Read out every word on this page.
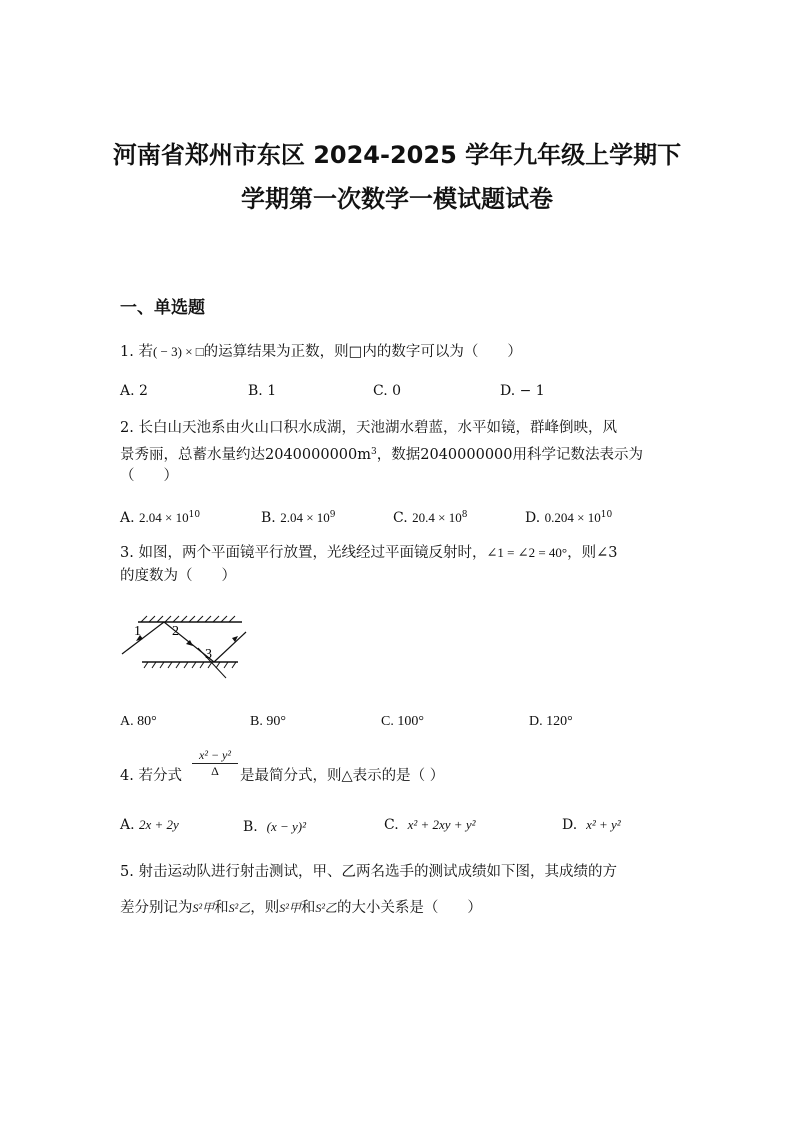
河南省郑州市东区 2024-2025 学年九年级上学期下
学期第一次数学一模试题试卷
一、单选题
1. 若( − 3) × □的运算结果为正数，则□内的数字可以为（　　）
A. 2	B. 1	C. 0	D. − 1
2. 长白山天池系由火山口积水成湖，天池湖水碧蓝，水平如镜，群峰倒映，风
景秀丽，总蓄水量约达$2040000000m^3$，数据2040000000用科学记数法表示为
（　　）
A. $2.04 \times 10^{10}$	B. $2.04 \times 10^9$	C. $20.4 \times 10^8$	D. $0.204 \times 10^{10}$
3. 如图，两个平面镜平行放置，光线经过平面镜反射时，∠1 = ∠2 = 40°，则∠3
的度数为（　　）
1 2
3
A. 80°	B. 90°	C. 100°	D. 120°
4. 若分式 $\frac{\text{x² − y²}}{\Delta}$ 是最简分式，则△表示的是（ ）
A. 2x + 2y	B. (x − y)²	C. x² + 2xy + y²	D. x² + y²
5. 射击运动队进行射击测试，甲、乙两名选手的测试成绩如下图，其成绩的方
差分别记为S²甲和S²乙，则S²甲和S²乙的大小关系是（　　）
